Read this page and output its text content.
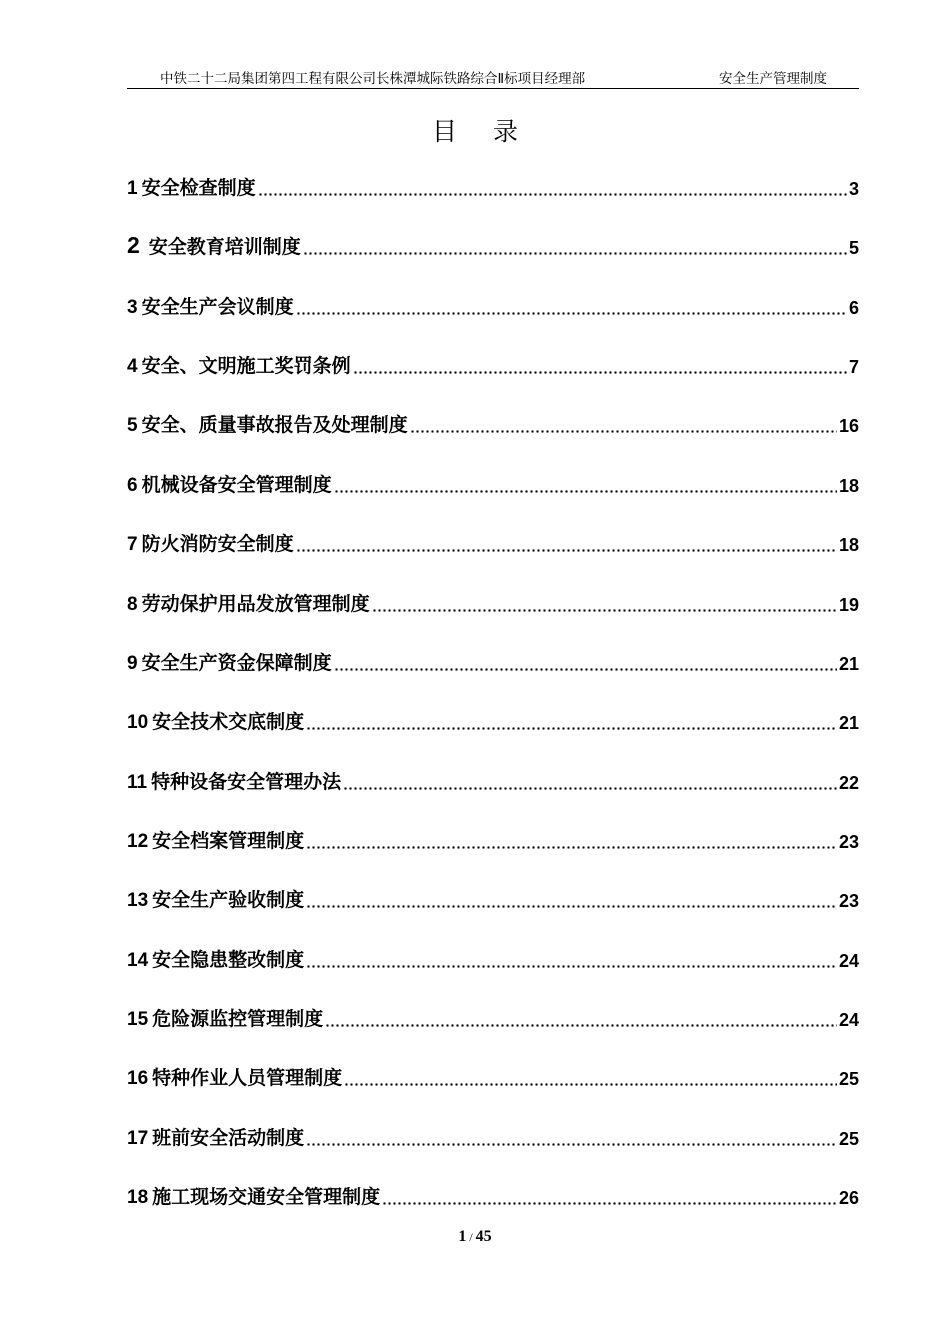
中铁二十二局集团第四工程有限公司长株潭城际铁路综合Ⅱ标项目经理部	安全生产管理制度
目 录
1 安全检查制度	3
2 安全教育培训制度	5
3 安全生产会议制度	6
4 安全、文明施工奖罚条例	7
5 安全、质量事故报告及处理制度	16
6 机械设备安全管理制度	18
7 防火消防安全制度	18
8 劳动保护用品发放管理制度	19
9 安全生产资金保障制度	21
10 安全技术交底制度	21
11 特种设备安全管理办法	22
12 安全档案管理制度	23
13 安全生产验收制度	23
14 安全隐患整改制度	24
15 危险源监控管理制度	24
16 特种作业人员管理制度	25
17 班前安全活动制度	25
18 施工现场交通安全管理制度	26
1 / 45
